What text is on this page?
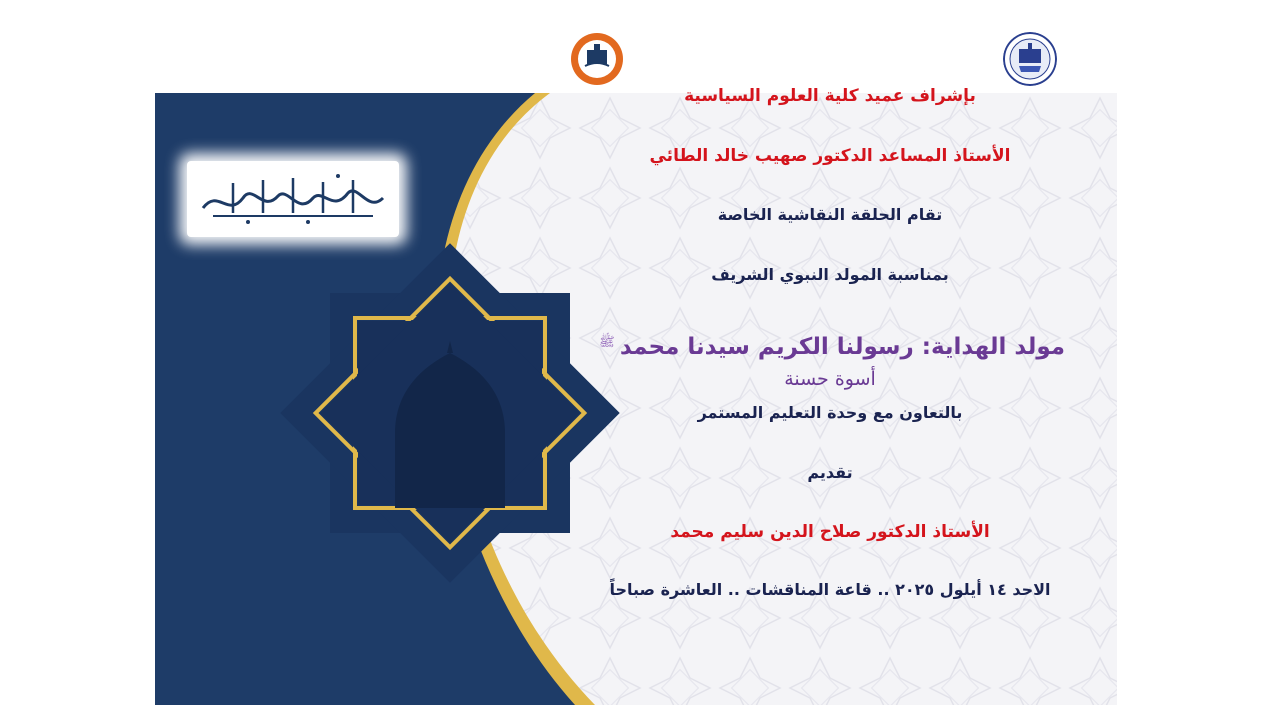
بإشراف عميد كلية العلوم السياسية
الأستاذ المساعد الدكتور صهيب خالد الطائي
تقام الحلقة النقاشية الخاصة
بمناسبة المولد النبوي الشريف
مولد الهداية: رسولنا الكريم سيدنا محمد ﷺ
أسوة حسنة
بالتعاون مع وحدة التعليم المستمر
تقديم
الأستاذ الدكتور صلاح الدين سليم محمد
الاحد ١٤ أيلول ٢٠٢٥ .. قاعة المناقشات .. العاشرة صباحاً
